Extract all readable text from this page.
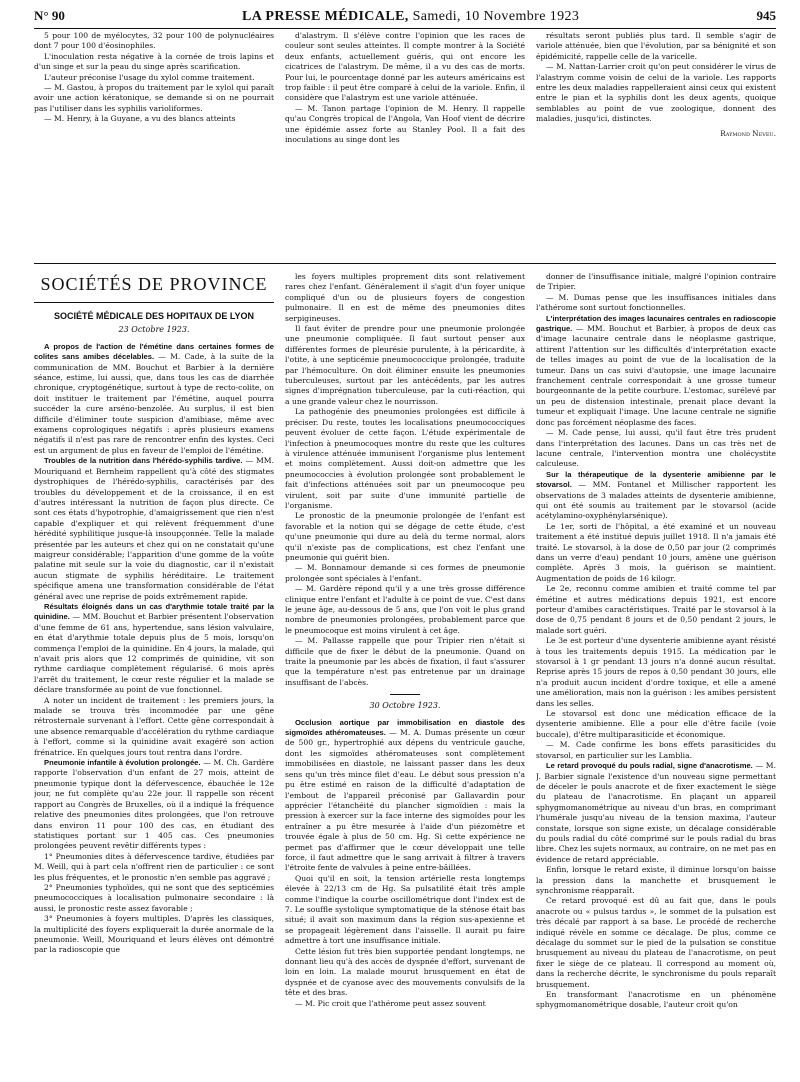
N° 90	LA PRESSE MÉDICALE, Samedi, 10 Novembre 1923	945

5 pour 100 de myélocytes, 32 pour 100 de polynucléaires dont 7 pour 100 d'éosinophiles.

L'inoculation resta négative à la cornée de trois lapins et d'un singe et sur la peau du singe après scarification.

L'auteur préconise l'usage du xylol comme traitement.

— M. Gastou, à propos du traitement par le xylol qui paraît avoir une action kératonique, se demande si on ne pourrait pas l'utiliser dans les syphilis varioliformes.

— M. Henry, à la Guyane, a vu des blancs atteints

d'alastrym. Il s'élève contre l'opinion que les races de couleur sont seules atteintes. Il compte montrer à la Société deux enfants, actuellement guéris, qui ont encore les cicatrices de l'alastrym. De même, il a vu des cas de morts. Pour lui, le pourcentage donné par les auteurs américains est trop faible : il peut être comparé à celui de la variole. Enfin, il considère que l'alastrym est une variole atténuée.

— M. Tanon partage l'opinion de M. Henry. Il rappelle qu'au Congrès tropical de l'Angola, Van Hoof vient de décrire une épidémie assez forte au Stanley Pool. Il a fait des inoculations au singe dont les

résultats seront publiés plus tard. Il semble s'agir de variole atténuée, bien que l'évolution, par sa bénignité et son épidémicité, rappelle celle de la varicelle.

— M. Nattan-Larrier croit qu'on peut considérer le virus de l'alastrym comme voisin de celui de la variole. Les rapports entre les deux maladies rappelleraient ainsi ceux qui existent entre le pian et la syphilis dont les deux agents, quoique semblables au point de vue zoologique, donnent des maladies, jusqu'ici, distinctes.

Raymond Neveu.

SOCIÉTÉS DE PROVINCE
SOCIÉTÉ MÉDICALE DES HOPITAUX DE LYON
23 Octobre 1923.

A propos de l'action de l'émétine dans certaines formes de colites sans amibes décelables. — M. Cade, à la suite de la communication de MM. Bouchut et Barbier à la dernière séance, estime, lui aussi, que, dans tous les cas de diarrhée chronique, cryptogénétique, surtout à type de recto-colite, on doit instituer le traitement par l'émétine, auquel pourra succéder la cure arséno-benzolée. Au surplus, il est bien difficile d'éliminer toute suspicion d'amibiase, même avec examens coprologiques négatifs : après plusieurs examens négatifs il n'est pas rare de rencontrer enfin des kystes. Ceci est un argument de plus en faveur de l'emploi de l'émétine.

Troubles de la nutrition dans l'hérédo-syphilis tardive. — MM. Mouriquand et Bernheim rappellent qu'à côté des stigmates dystrophiques de l'hérédo-syphilis, caractérisés par des troubles du développement et de la croissance, il en est d'autres intéressant la nutrition de façon plus directe. Ce sont ces états d'hypotrophie, d'amaigrissement que rien n'est capable d'expliquer et qui relèvent fréquemment d'une hérédité syphilitique jusque-là insoupçonnée. Telle la malade présentée par les auteurs et chez qui on ne constatait qu'une maigreur considérable; l'apparition d'une gomme de la voûte palatine mit seule sur la voie du diagnostic, car il n'existait aucun stigmate de syphilis héréditaire. Le traitement spécifique amena une transformation considérable de l'état général avec une reprise de poids extrêmement rapide.

Résultats éloignés dans un cas d'arythmie totale traité par la quinidine. — MM. Bouchut et Barbier présentent l'observation d'une femme de 61 ans, hypertendue, sans lésion valvulaire, en état d'arythmie totale depuis plus de 5 mois, lorsqu'on commença l'emploi de la quinidine. En 4 jours, la malade, qui n'avait pris alors que 12 comprimés de quinidine, vit son rythme cardiaque complètement régularisé. 6 mois après l'arrêt du traitement, le cœur reste régulier et la malade se déclare transformée au point de vue fonctionnel.

A noter un incident de traitement : les premiers jours, la malade se trouva très incommodée par une gêne rétrosternale survenant à l'effort. Cette gêne correspondait à une absence remarquable d'accélération du rythme cardiaque à l'effort, comme si la quinidine avait exagéré son action frénatrice. En quelques jours tout rentra dans l'ordre.

Pneumonie infantile à évolution prolongée. — M. Ch. Gardère rapporte l'observation d'un enfant de 27 mois, atteint de pneumonie typique dont la défervescence, ébauchée le 12e jour, ne fut complète qu'au 22e jour. Il rappelle son récent rapport au Congrès de Bruxelles, où il a indiqué la fréquence relative des pneumonies dites prolongées, que l'on retrouve dans environ 11 pour 100 des cas, en étudiant des statistiques portant sur 1 405 cas. Ces pneumonies prolongées peuvent revêtir différents types :

1° Pneumonies dites à défervescence tardive, étudiées par M. Weill, qui à part cela n'offrent rien de particulier : ce sont les plus fréquentes, et le pronostic n'en semble pas aggravé ;

2° Pneumonies typhoïdes, qui ne sont que des septicémies pneumococciques à localisation pulmonaire secondaire : là aussi, le pronostic reste assez favorable ;

3° Pneumonies à foyers multiples. D'après les classiques, la multiplicité des foyers expliquerait la durée anormale de la pneumonie. Weill, Mouriquand et leurs élèves ont démontré par la radioscopie que

les foyers multiples proprement dits sont relativement rares chez l'enfant. Généralement il s'agit d'un foyer unique compliqué d'un ou de plusieurs foyers de congestion pulmonaire. Il en est de même des pneumonies dites serpigineuses.

Il faut éviter de prendre pour une pneumonie prolongée une pneumonie compliquée. Il faut surtout penser aux différentes formes de pleurésie purulente, à la péricardite, à l'otite, à une septicémie pneumococcique prolongée, traduite par l'hémoculture. On doit éliminer ensuite les pneumonies tuberculeuses, surtout par les antécédents, par les autres signes d'imprégnation tuberculeuse, par la cuti-réaction, qui a une grande valeur chez le nourrisson.

La pathogénie des pneumonies prolongées est difficile à préciser. Du reste, toutes les localisations pneumococciques peuvent évoluer de cette façon. L'étude expérimentale de l'infection à pneumocoques montre du reste que les cultures à virulence atténuée immunisent l'organisme plus lentement et moins complètement. Aussi doit-on admettre que les pneumococcies à évolution prolongée sont probablement le fait d'infections atténuées soit par un pneumocoque peu virulent, soit par suite d'une immunité partielle de l'organisme.

Le pronostic de la pneumonie prolongée de l'enfant est favorable et la notion qui se dégage de cette étude, c'est qu'une pneumonie qui dure au delà du terme normal, alors qu'il n'existe pas de complications, est chez l'enfant une pneumonie qui guérit bien.

— M. Bonnamour demande si ces formes de pneumonie prolongée sont spéciales à l'enfant.

— M. Gardère répond qu'il y a une très grosse différence clinique entre l'enfant et l'adulte à ce point de vue. C'est dans le jeune âge, au-dessous de 5 ans, que l'on voit le plus grand nombre de pneumonies prolongées, probablement parce que le pneumocoque est moins virulent à cet âge.

— M. Pallasse rappelle que pour Tripier rien n'était si difficile que de fixer le début de la pneumonie. Quand on traite la pneumonie par les abcès de fixation, il faut s'assurer que la température n'est pas entretenue par un drainage insuffisant de l'abcès.

30 Octobre 1923.

Occlusion aortique par immobilisation en diastole des sigmoïdes athéromateuses. — M. A. Dumas présente un cœur de 500 gr., hypertrophié aux dépens du ventricule gauche, dont les sigmoïdes athéromateuses sont complètement immobilisées en diastole, ne laissant passer dans les deux sens qu'un très mince filet d'eau. Le début sous pression n'a pu être estimé en raison de la difficulté d'adaptation de l'embout de l'appareil préconisé par Gallavardin pour apprécier l'étanchéité du plancher sigmoïdien : mais la pression à exercer sur la face interne des sigmoïdes pour les entraîner a pu être mesurée à l'aide d'un piézomètre et trouvée égale à plus de 50 cm. Hg. Si cette expérience ne permet pas d'affirmer que le cœur développait une telle force, il faut admettre que le sang arrivait à filtrer à travers l'étroite fente de valvules à peine entre-bâillées.

Quoi qu'il en soit, la tension artérielle resta longtemps élevée à 22/13 cm de Hg. Sa pulsatilité était très ample comme l'indique la courbe oscillométrique dont l'index est de 7. Le souffle systolique symptomatique de la sténose était bas situé; il avait son maximum dans la région sus-apexienne et se propageait légèrement dans l'aisselle. Il aurait pu faire admettre à tort une insuffisance initiale.

Cette lésion fut très bien supportée pendant longtemps, ne donnant lieu qu'à des accès de dyspnée d'effort, survenant de loin en loin. La malade mourut brusquement en état de dyspnée et de cyanose avec des mouvements convulsifs de la tête et des bras.

— M. Pic croit que l'athérome peut assez souvent

donner de l'insuffisance initiale, malgré l'opinion contraire de Tripier.

— M. Dumas pense que les insuffisances initiales dans l'athérome sont surtout fonctionnelles.

L'interprétation des images lacunaires centrales en radioscopie gastrique. — MM. Bouchut et Barbier, à propos de deux cas d'image lacunaire centrale dans le néoplasme gastrique, attirent l'attention sur les difficultés d'interprétation exacte de telles images au point de vue de la localisation de la tumeur. Dans un cas suivi d'autopsie, une image lacunaire franchement centrale correspondait à une grosse tumeur bourgeonnante de la petite courbure. L'estomac, surélevé par un peu de distension intestinale, prenait place devant la tumeur et expliquait l'image. Une lacune centrale ne signifie donc pas forcément néoplasme des faces.

— M. Cade pense, lui aussi, qu'il faut être très prudent dans l'interprétation des lacunes. Dans un cas très net de lacune centrale, l'intervention montra une cholécystite calculeuse.

Sur la thérapeutique de la dysenterie amibienne par le stovarsol. — MM. Fontanel et Millischer rapportent les observations de 3 malades atteints de dysenterie amibienne, qui ont été soumis au traitement par le stovarsol (acide acétylamino-oxyphénylarsénique).

Le 1er, sorti de l'hôpital, a été examiné et un nouveau traitement a été institué depuis juillet 1918. Il n'a jamais été traité. Le stovarsol, à la dose de 0,50 par jour (2 comprimés dans un verre d'eau) pendant 10 jours, amène une guérison complète. Après 3 mois, la guérison se maintient. Augmentation de poids de 16 kilogr.

Le 2e, reconnu comme amibien et traité comme tel par émétine et autres médications depuis 1921, est encore porteur d'amibes caractéristiques. Traité par le stovarsol à la dose de 0,75 pendant 8 jours et de 0,50 pendant 2 jours, le malade sort guéri.

Le 3e est porteur d'une dysenterie amibienne ayant résisté à tous les traitements depuis 1915. La médication par le stovarsol à 1 gr pendant 13 jours n'a donné aucun résultat. Reprise après 15 jours de repos à 0,50 pendant 30 jours, elle n'a produit aucun incident d'ordre toxique, et elle a amené une amélioration, mais non la guérison : les amibes persistent dans les selles.

Le stovarsol est donc une médication efficace de la dysenterie amibienne. Elle a pour elle d'être facile (voie buccale), d'être multiparasiticide et économique.

— M. Cade confirme les bons effets parasiticides du stovarsol, en particulier sur les Lamblia.

Le retard provoqué du pouls radial, signe d'anacrotisme. — M. J. Barbier signale l'existence d'un nouveau signe permettant de déceler le pouls anacrote et de fixer exactement le siège du plateau de l'anacrotisme. En plaçant un appareil sphygmomanométrique au niveau d'un bras, en comprimant l'humérale jusqu'au niveau de la tension maxima, l'auteur constate, lorsque son signe existe, un décalage considérable du pouls radial du côté comprimé sur le pouls radial du bras libre. Chez les sujets normaux, au contraire, on ne met pas en évidence de retard appréciable.

Enfin, lorsque le retard existe, il diminue lorsqu'on baisse la pression dans la manchette et brusquement le synchronisme réapparaît.

Ce retard provoqué est dû au fait que, dans le pouls anacrote ou « pulsus tardus », le sommet de la pulsation est très décalé par rapport à sa base. Le procédé de recherche indiqué révèle en somme ce décalage. De plus, comme ce décalage du sommet sur le pied de la pulsation se constitue brusquement au niveau du plateau de l'anacrotisme, on peut fixer le siège de ce plateau. Il correspond au moment où, dans la recherche décrite, le synchronisme du pouls reparaît brusquement.

En transformant l'anacrotisme en un phénomène sphygmomanométrique dosable, l'auteur croit qu'on
